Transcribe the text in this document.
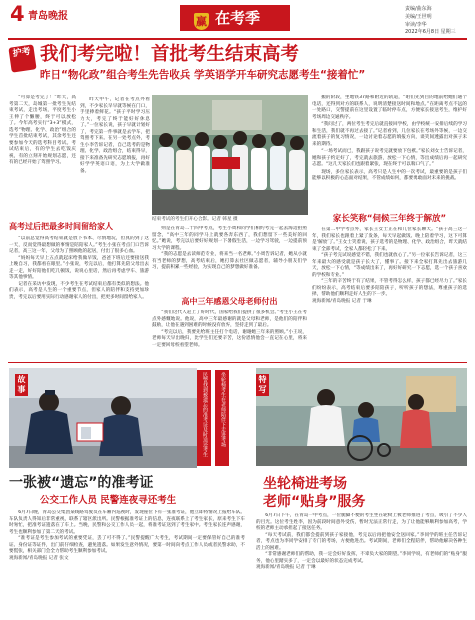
4 青岛晚报	赢 在考季	责编/曲东海
美编/王世明
审读/李华
2022年6月8日 星期三
护考 我们考完啦！首批考生结束高考
昨日“物化政”组合考生先告收兵 学英语学开车研究志愿考生“接着忙”

“可算是考完了！”昨天，高考第二天，岛城第一批考生先结束考试，走出考场，平度考生小王伸了个懒腰，终于可以放松了。今年高考实行“3+3”模式，选考“物理、化学、政治”组合的学生首批结束考试，其余考生还要参加今天的选考科目考试。考试结束后，有的学生去吃饭庆祝，有的立刻开始规划志愿，还有的已经开始了驾照学习。

昨天中午，记者在考点外看到，不少家长早早就等候在门口，手里捧着鲜花。“孩子平时学习压力大，考完了终于能好好休息了。”一位家长说，孩子早就计划好了，考完第一件事就是去学车，把驾照考下来。在另一处考点外，考生小李告诉记者，自己选考的是物理、化学、政治组合，结束得早，接下来准备先研究志愿填报，再好好学学英语口语，为上大学做准备。

结束考试的考生们开心合影。记者 韩星 摄

搬的阶段，坐地铁37路和附近的轨道，“咱们先到目的地前给她们通个电话，还得到对方的联系人，说明清楚接送时间和地点。”在距离考点不远的一处路口，交警提前在这里设置了临时停车点，方便家长接送考生，维护好考场周边交通秩序。

“我问过了，两位考生考完后就直接回学校，由学校统一安排后续的学习和生活，我们就不再过去接了。”记者看到，几位家长在考场外等候，一边交流着孩子的复习情况，一边讨论着志愿的填报方向，谈笑间透露出对孩子未来的期待。

“一场考试而已，我跟孩子说考完就要放下包袱。”家长刘女士告诉记者，她和孩子约定好了，考完就去旅游，放松一下心情，等出成绩后再一起研究志愿。“这几天家长们也跟着紧张，现在终于可以喘口气了。”

现场，多位家长表示，高考只是人生中的一次考试，最重要的是孩子们能够以积极的心态面对结果，不管成绩如何，都要勇敢面对未来的挑战。

家长笑称“伺候三年终于解放”

在第二中学考点外，家长王女士正在和几位家长聊天。“孩子高三这一年，我们家长也跟着上紧了发条，每天早起做饭、晚上陪着学习，这下可算是‘解放’了。”王女士笑着说，孩子选考的是物理、化学、政治组合，昨天就结束了全部考试，全家人都轻松了下来。

“孩子考完试说感觉不错，我们也就放心了。”另一位家长告诉记者，这三年来最大的感受就是孩子长大了，懂事了。接下来全家打算先出去旅游几天，放松一下心情，“等成绩出来了，再好好研究一下志愿，选一个孩子喜欢的学校和专业。”

“三年的辛苦终于有了结果，不管考得怎么样，孩子都已经尽力了。”家长们纷纷表示，高考结束后要多陪陪孩子，听听孩子的想法，尊重孩子的选择，帮助他们顺利走好人生的下一步。

观海新闻/青岛晚报 记者 于琳

高考过后把最多时间留给家人

“以前总觉得高考结束就是放下书本、尽情地玩，但真的到了这一天，反而觉得最想做的事情是陪陪家人。”考生小张在考点门口告诉记者，高三这一年，父母为了照顾他的起居，付出了很多心血。

“妈妈每天早上五点就起床给我做早饭，爸爸下班后还要接送我上晚自习，我都看在眼里。”小张说，考完以后，他打算先陪父母出去走一走，好好陪他们吃几顿饭，说说心里话，然后再考虑学车、旅游等其他事情。

记者在采访中发现，不少考生在考试结束后都有类似的想法。他们表示，高考是人生的一个重要节点，但家人的陪伴和支持更加珍贵，考完以后要用实际行动感谢家人的付出，把更多时间留给家人。

则是在青岛二十四中考点，考生小周和同学们相约考完一起去海边拍照留念，“高中三年的同学马上就要各奔东西了，我们想留下一些美好的回忆。”她说，考完以后要好好规划一下暑假生活，一边学习驾驶，一边提前预习大学的课程。

“我的志愿是去读师范专业，将来当一名老师。”小周告诉记者，她从小就有当老师的梦想，高考结束后，她打算去社区做志愿者，辅导小朋友们学习，提前积累一些经验，为实现自己的梦想做好准备。

高中三年感恩父母老师付出

“我们这代人赶上了好时代，国家给我们提供了很多机会。”考生小王在考点外感慨地说。他说，高中三年最感谢的就是父母和老师，是他们的陪伴和鼓励，让他在遇到困难的时候没有放弃，坚持走到了最后。

“考完以后，我要先给班主任打个电话，谢谢她三年来的照顾。”小王说，老师每天早出晚归，比学生们还要辛苦，这份恩情他会一直记在心里，将来一定要回母校看望老师。

故事	民警找到被遗忘的准考证及时送还考生
一张被“遗忘”的准考证
公交工作人员 民警连夜寻还考生

6月7日晚，青岛公交集团某线路驾驶员在车厢内巡视时，发现座位下有一张准考证，他立即将情况上报给车队。车队负责人得知后非常重视，联系了辖区派出所。民警根据准考证上的信息，连夜联系上了考生家长，原来考生下车时匆忙，把准考证遗落在了车上。当晚，民警和公交工作人员一起，将准考证送到了考生家中。考生家长连声感谢，考生也顺利参加了第二天的考试。

“准考证是考生参加考试的重要凭证，丢了可不得了。”民警提醒广大考生，考试期间一定要保管好自己的准考证、身份证等证件，出门前仔细检查，避免遗落。如果发生意外情况，要第一时间向考点工作人员或者民警求助，不要慌张，相关部门会全力帮助考生顺利参加考试。

观海新闻/青岛晚报 记者 张文

坐轮椅考生在老师陪伴下走进考场	特写
坐轮椅进考场
老师“贴身”服务

6月7日下午，在青岛一中考点，一位腿脚不便的考生坐在轮椅上被老师推进了考点，吸引了不少人的目光。这位考生姓李，因为前段时间意外受伤，暂时无法正常行走，为了让他能够顺利参加高考，学校的老师主动承担起了接送任务。

“每天考试前，我们都会提前到孩子家接他，考完以后再把他安全送回家。”李同学的班主任告诉记者，考点也为李同学安排了专门的考场，方便他进出。考试期间，老师们全程陪伴，帮助他解决各种生活上的困难。

“非常感谢老师们的帮助，我一定会好好发挥，不辜负大家的期望。”李同学说，有老师们的“贴身”服务，他心里踏实多了，一定会以最好的状态完成考试。

观海新闻/青岛晚报 记者 于琳
